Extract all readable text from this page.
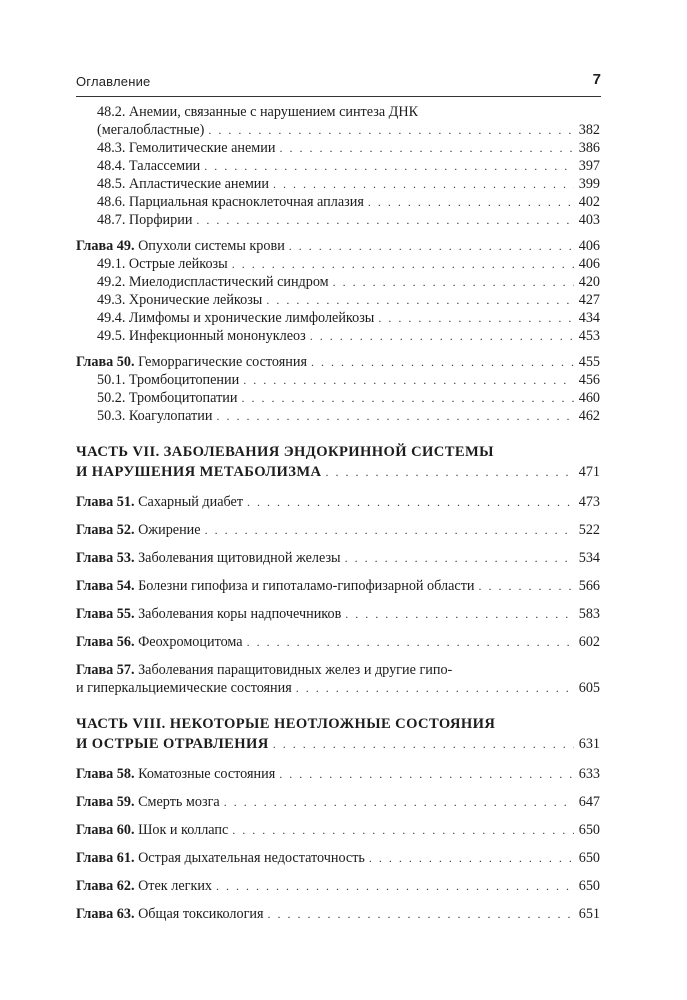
Оглавление	7
48.2. Анемии, связанные с нарушением синтеза ДНК
(мегалобластные) . . .	382
48.3. Гемолитические анемии . . .	386
48.4. Талассемии . . .	397
48.5. Апластические анемии . . .	399
48.6. Парциальная красноклеточная аплазия . . .	402
48.7. Порфирии . . .	403
Глава 49. Опухоли системы крови . . .	406
49.1. Острые лейкозы . . .	406
49.2. Миелодиспластический синдром . . .	420
49.3. Хронические лейкозы . . .	427
49.4. Лимфомы и хронические лимфолейкозы . . .	434
49.5. Инфекционный мононуклеоз . . .	453
Глава 50. Геморрагические состояния . . .	455
50.1. Тромбоцитопении . . .	456
50.2. Тромбоцитопатии . . .	460
50.3. Коагулопатии . . .	462
ЧАСТЬ VII. ЗАБОЛЕВАНИЯ ЭНДОКРИННОЙ СИСТЕМЫ
И НАРУШЕНИЯ МЕТАБОЛИЗМА . . .	471
Глава 51. Сахарный диабет . . .	473
Глава 52. Ожирение . . .	522
Глава 53. Заболевания щитовидной железы . . .	534
Глава 54. Болезни гипофиза и гипоталамо-гипофизарной области . . .	566
Глава 55. Заболевания коры надпочечников . . .	583
Глава 56. Феохромоцитома . . .	602
Глава 57. Заболевания паращитовидных желез и другие гипо-
и гиперкальциемические состояния . . .	605
ЧАСТЬ VIII. НЕКОТОРЫЕ НЕОТЛОЖНЫЕ СОСТОЯНИЯ
И ОСТРЫЕ ОТРАВЛЕНИЯ . . .	631
Глава 58. Коматозные состояния . . .	633
Глава 59. Смерть мозга . . .	647
Глава 60. Шок и коллапс . . .	650
Глава 61. Острая дыхательная недостаточность . . .	650
Глава 62. Отек легких . . .	650
Глава 63. Общая токсикология . . .	651
